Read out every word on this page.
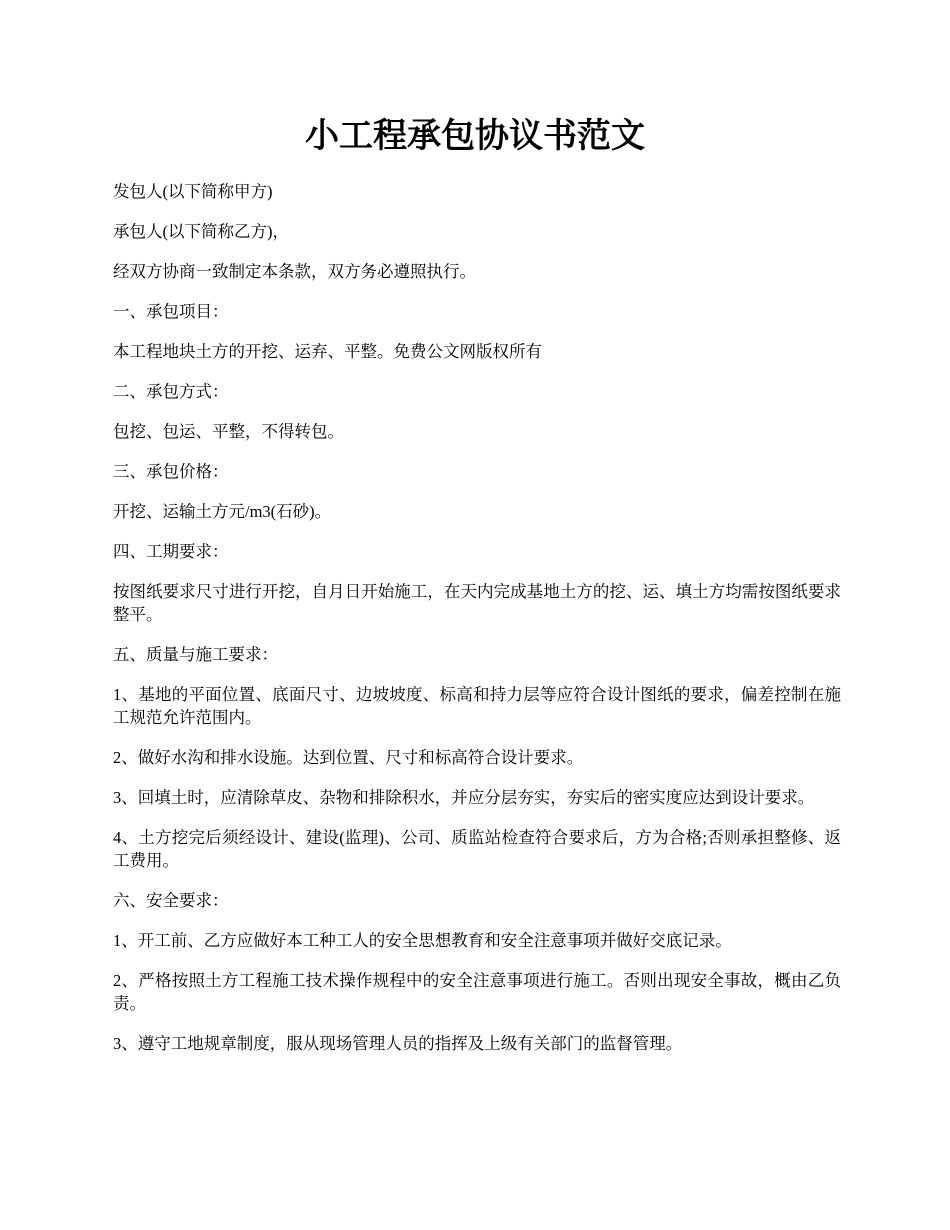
小工程承包协议书范文

发包人(以下简称甲方)

承包人(以下简称乙方)，

经双方协商一致制定本条款，双方务必遵照执行。

一、承包项目：

本工程地块土方的开挖、运弃、平整。免费公文网版权所有

二、承包方式：

包挖、包运、平整，不得转包。

三、承包价格：

开挖、运输土方元/m3(石砂)。

四、工期要求：

按图纸要求尺寸进行开挖，自月日开始施工，在天内完成基地土方的挖、运、填土方均需按图纸要求整平。

五、质量与施工要求：

1、基地的平面位置、底面尺寸、边坡坡度、标高和持力层等应符合设计图纸的要求，偏差控制在施工规范允许范围内。

2、做好水沟和排水设施。达到位置、尺寸和标高符合设计要求。

3、回填土时，应清除草皮、杂物和排除积水，并应分层夯实，夯实后的密实度应达到设计要求。

4、土方挖完后须经设计、建设(监理)、公司、质监站检查符合要求后，方为合格;否则承担整修、返工费用。

六、安全要求：

1、开工前、乙方应做好本工种工人的安全思想教育和安全注意事项并做好交底记录。

2、严格按照土方工程施工技术操作规程中的安全注意事项进行施工。否则出现安全事故，概由乙负责。

3、遵守工地规章制度，服从现场管理人员的指挥及上级有关部门的监督管理。
